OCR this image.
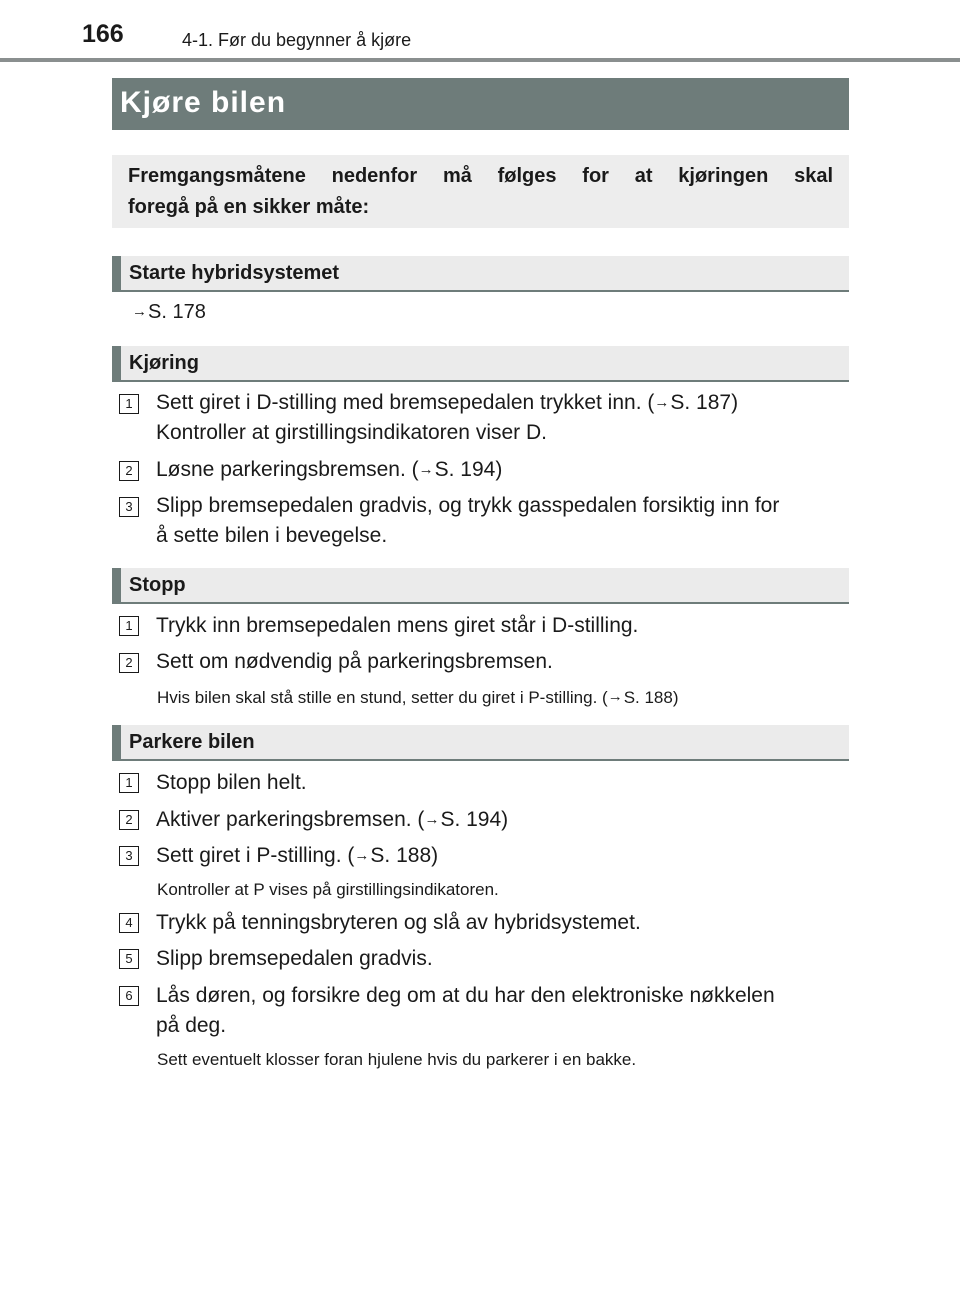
166	4-1. Før du begynner å kjøre
Kjøre bilen
Fremgangsmåtene nedenfor må følges for at kjøringen skal
foregå på en sikker måte:
Starte hybridsystemet
→S. 178
Kjøring
1	Sett giret i D-stilling med bremsepedalen trykket inn. (→S. 187)
Kontroller at girstillingsindikatoren viser D.
2	Løsne parkeringsbremsen. (→S. 194)
3	Slipp bremsepedalen gradvis, og trykk gasspedalen forsiktig inn for
å sette bilen i bevegelse.
Stopp
1	Trykk inn bremsepedalen mens giret står i D-stilling.
2	Sett om nødvendig på parkeringsbremsen.
Hvis bilen skal stå stille en stund, setter du giret i P-stilling. (→S. 188)
Parkere bilen
1	Stopp bilen helt.
2	Aktiver parkeringsbremsen. (→S. 194)
3	Sett giret i P-stilling. (→S. 188)
Kontroller at P vises på girstillingsindikatoren.
4	Trykk på tenningsbryteren og slå av hybridsystemet.
5	Slipp bremsepedalen gradvis.
6	Lås døren, og forsikre deg om at du har den elektroniske nøkkelen
på deg.
Sett eventuelt klosser foran hjulene hvis du parkerer i en bakke.
